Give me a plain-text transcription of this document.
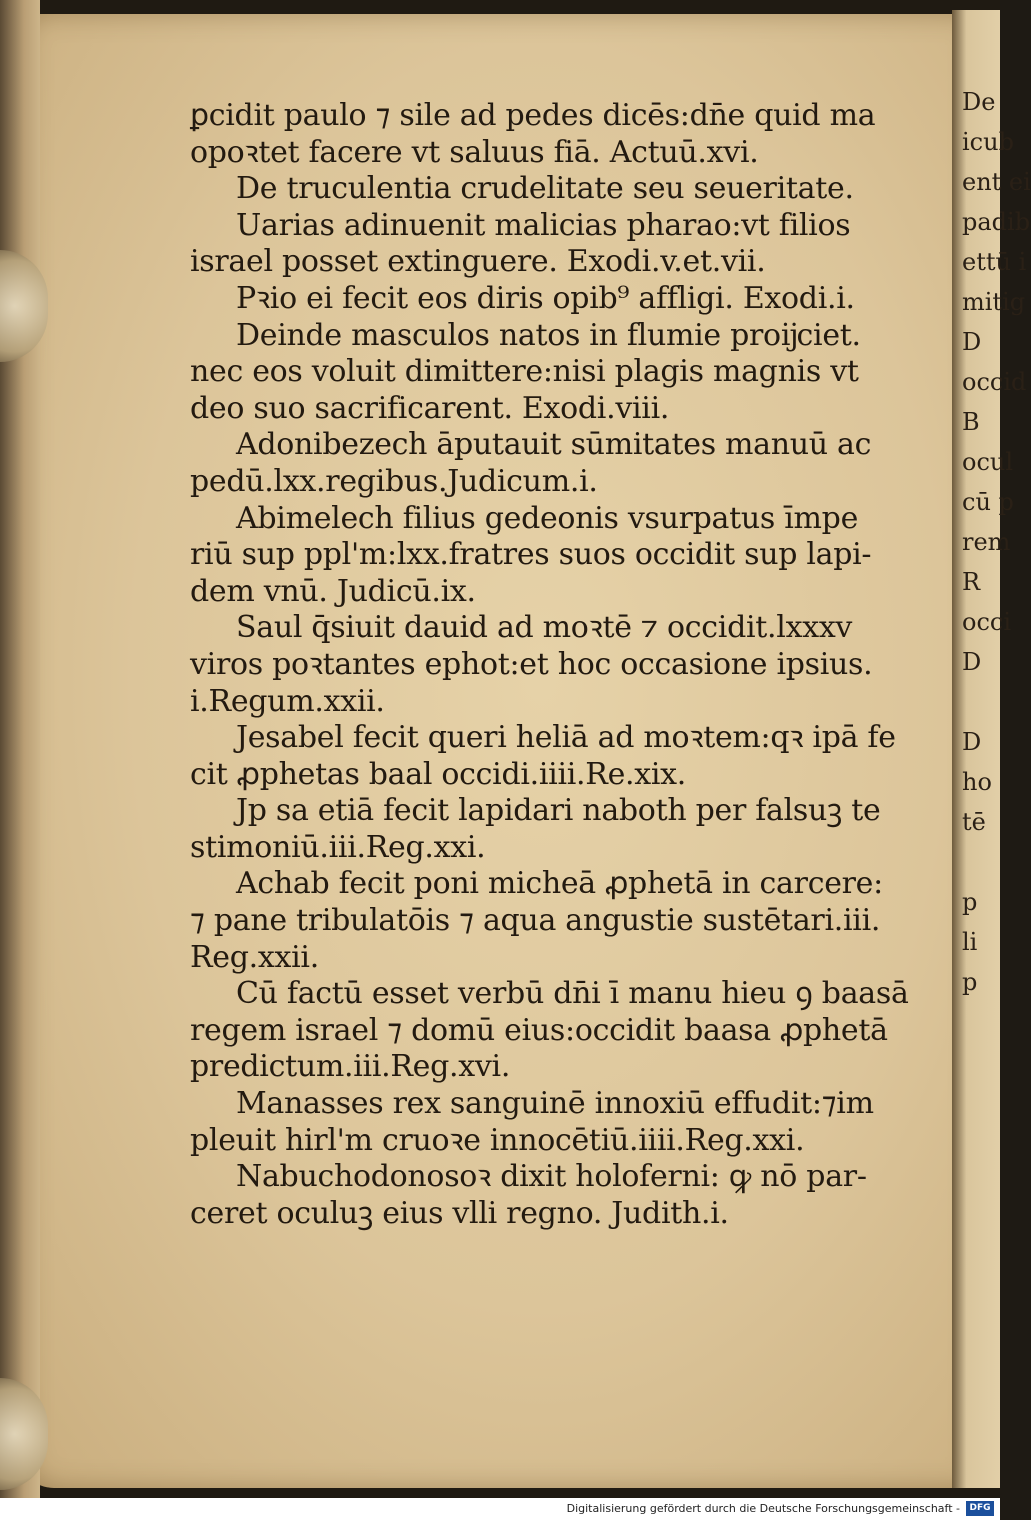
De
icub
ent ei
padib
ettū i
mitig
D
occid
B
ocul
cū p
rem
R
occi
D
D
ho
tē
p
li
p
ꝑcidit paulo ⁊ sile ad pedes dicēs:dn̄e quid ma
opoꝛtet facere vt saluus fiā. Actuū.xvi.
De truculentia crudelitate seu seueritate.
Uarias adinuenit malicias pharao:vt filios
israel posset extinguere. Exodi.v.et.vii.
Pꝛio ei fecit eos diris opib⁹ affligi. Exodi.i.
Deinde masculos natos in flumie proĳciet.
nec eos voluit dimittere:nisi plagis magnis vt
deo suo sacrificarent. Exodi.viii.
Adonibezech āputauit sūmitates manuū ac
pedū.lxx.regibus.Judicum.i.
Abimelech filius gedeonis vsurpatus īmpe
riū sup ppl'm:lxx.fratres suos occidit sup lapi-
dem vnū. Judicū.ix.
Saul q̄siuit dauid ad moꝛtē ⁊ occidit.lxxxv
viros poꝛtantes ephot:et hoc occasione ipsius.
i.Regum.xxii.
Jesabel fecit queri heliā ad moꝛtem:qꝛ ipā fe
cit ꝓphetas baal occidi.iiii.Re.xix.
Jp sa etiā fecit lapidari naboth per falsuꝫ te
stimoniū.iii.Reg.xxi.
Achab fecit poni micheā ꝓphetā in carcere:
⁊ pane tribulatōis ⁊ aqua angustie sustētari.iii.
Reg.xxii.
Cū factū esset verbū dn̄i ī manu hieu ꝯ baasā
regem israel ⁊ domū eius:occidit baasa ꝓphetā
predictum.iii.Reg.xvi.
Manasses rex sanguinē innoxiū effudit:⁊im
pleuit hirl'm cruoꝛe innocētiū.iiii.Reg.xxi.
Nabuchodonosoꝛ dixit holoferni: ꝙ nō par-
ceret oculuꝫ eius vlli regno. Judith.i.
Digitalisierung gefördert durch die Deutsche Forschungsgemeinschaft -	DFG
